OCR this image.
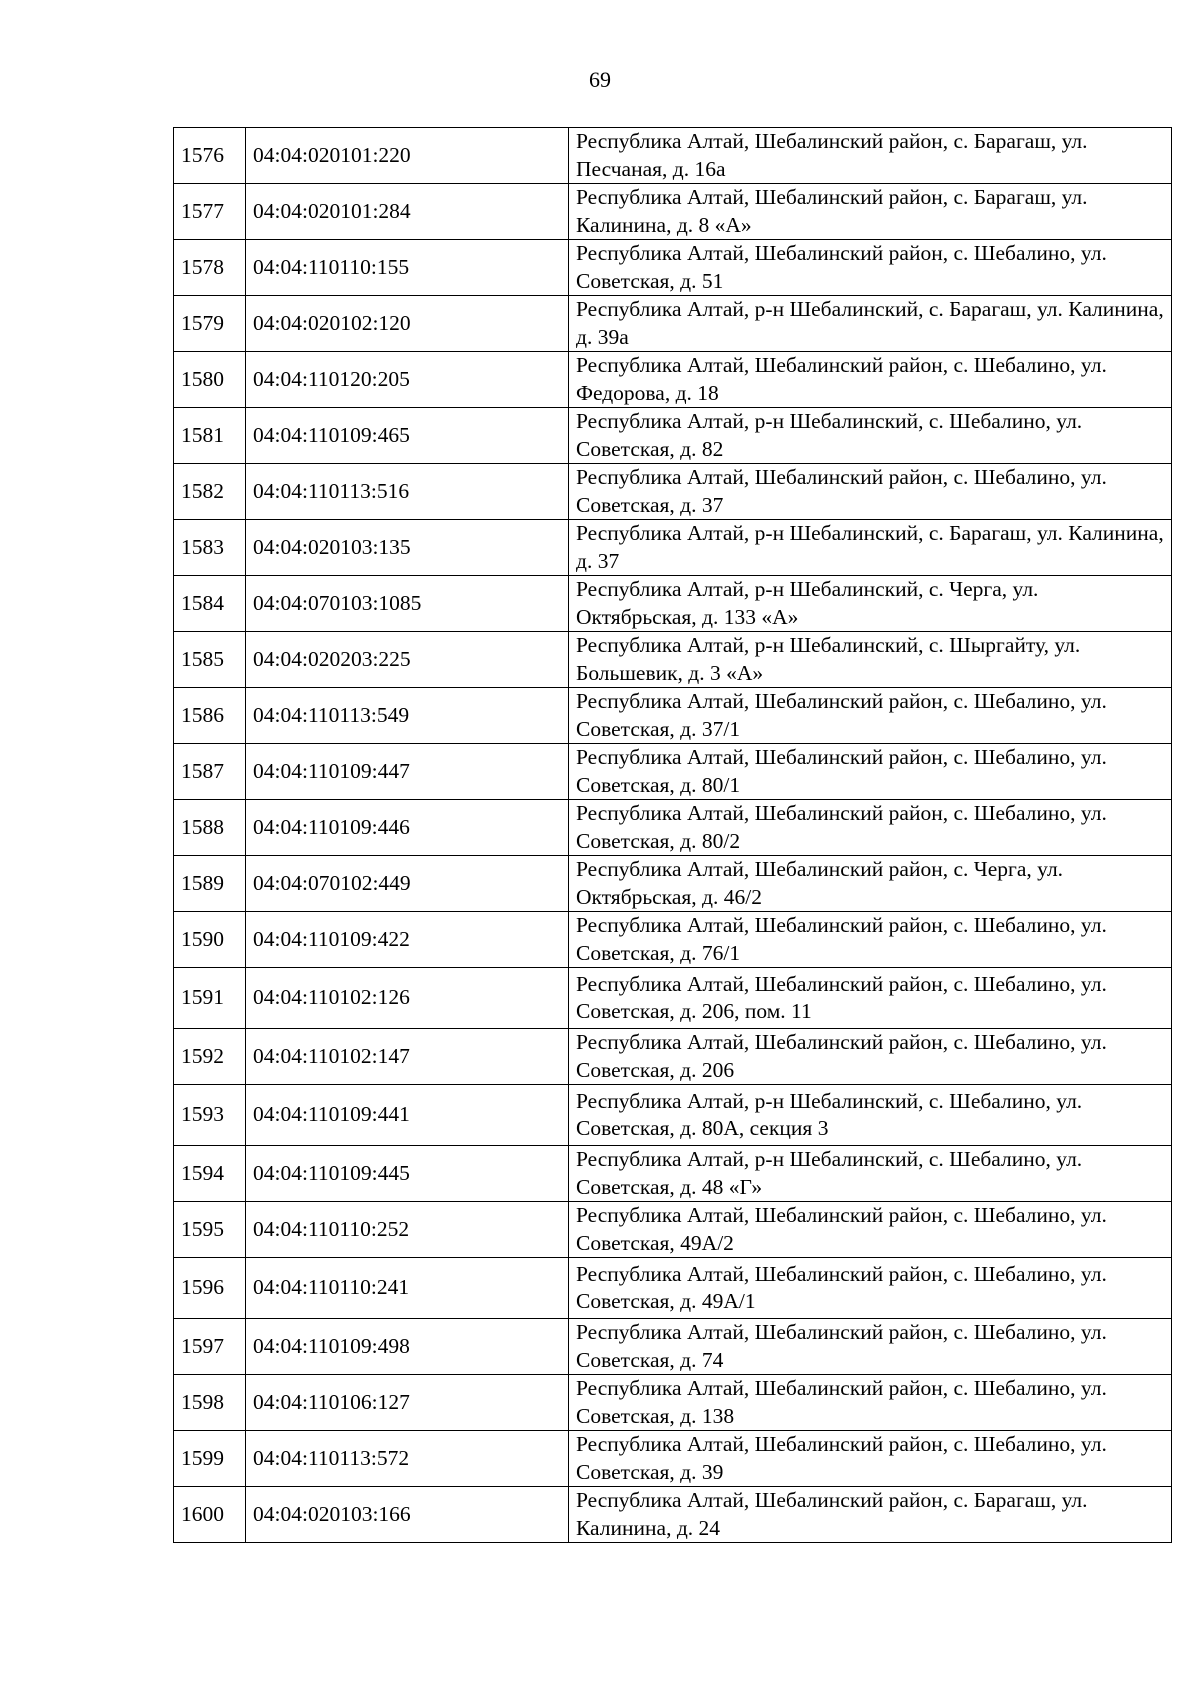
69
1576	04:04:020101:220	Республика Алтай, Шебалинский район, с. Барагаш, ул. Песчаная, д. 16а
1577	04:04:020101:284	Республика Алтай, Шебалинский район, с. Барагаш, ул. Калинина, д. 8 «А»
1578	04:04:110110:155	Республика Алтай, Шебалинский район, с. Шебалино, ул. Советская, д. 51
1579	04:04:020102:120	Республика Алтай, р-н Шебалинский, с. Барагаш, ул. Калинина, д. 39а
1580	04:04:110120:205	Республика Алтай, Шебалинский район, с. Шебалино, ул. Федорова, д. 18
1581	04:04:110109:465	Республика Алтай, р-н Шебалинский, с. Шебалино, ул. Советская, д. 82
1582	04:04:110113:516	Республика Алтай, Шебалинский район, с. Шебалино, ул. Советская, д. 37
1583	04:04:020103:135	Республика Алтай, р-н Шебалинский, с. Барагаш, ул. Калинина, д. 37
1584	04:04:070103:1085	Республика Алтай, р-н Шебалинский, с. Черга, ул. Октябрьская, д. 133 «А»
1585	04:04:020203:225	Республика Алтай, р-н Шебалинский, с. Шыргайту, ул. Большевик, д. 3 «А»
1586	04:04:110113:549	Республика Алтай, Шебалинский район, с. Шебалино, ул. Советская, д. 37/1
1587	04:04:110109:447	Республика Алтай, Шебалинский район, с. Шебалино, ул. Советская, д. 80/1
1588	04:04:110109:446	Республика Алтай, Шебалинский район, с. Шебалино, ул. Советская, д. 80/2
1589	04:04:070102:449	Республика Алтай, Шебалинский район, с. Черга, ул. Октябрьская, д. 46/2
1590	04:04:110109:422	Республика Алтай, Шебалинский район, с. Шебалино, ул. Советская, д. 76/1
1591	04:04:110102:126	Республика Алтай, Шебалинский район, с. Шебалино, ул. Советская, д. 206, пом. 11
1592	04:04:110102:147	Республика Алтай, Шебалинский район, с. Шебалино, ул. Советская, д. 206
1593	04:04:110109:441	Республика Алтай, р-н Шебалинский, с. Шебалино, ул. Советская, д. 80А, секция 3
1594	04:04:110109:445	Республика Алтай, р-н Шебалинский, с. Шебалино, ул. Советская, д. 48 «Г»
1595	04:04:110110:252	Республика Алтай, Шебалинский район, с. Шебалино, ул. Советская, 49А/2
1596	04:04:110110:241	Республика Алтай, Шебалинский район, с. Шебалино, ул. Советская, д. 49А/1
1597	04:04:110109:498	Республика Алтай, Шебалинский район, с. Шебалино, ул. Советская, д. 74
1598	04:04:110106:127	Республика Алтай, Шебалинский район, с. Шебалино, ул. Советская, д. 138
1599	04:04:110113:572	Республика Алтай, Шебалинский район, с. Шебалино, ул. Советская, д. 39
1600	04:04:020103:166	Республика Алтай, Шебалинский район, с. Барагаш, ул. Калинина, д. 24
